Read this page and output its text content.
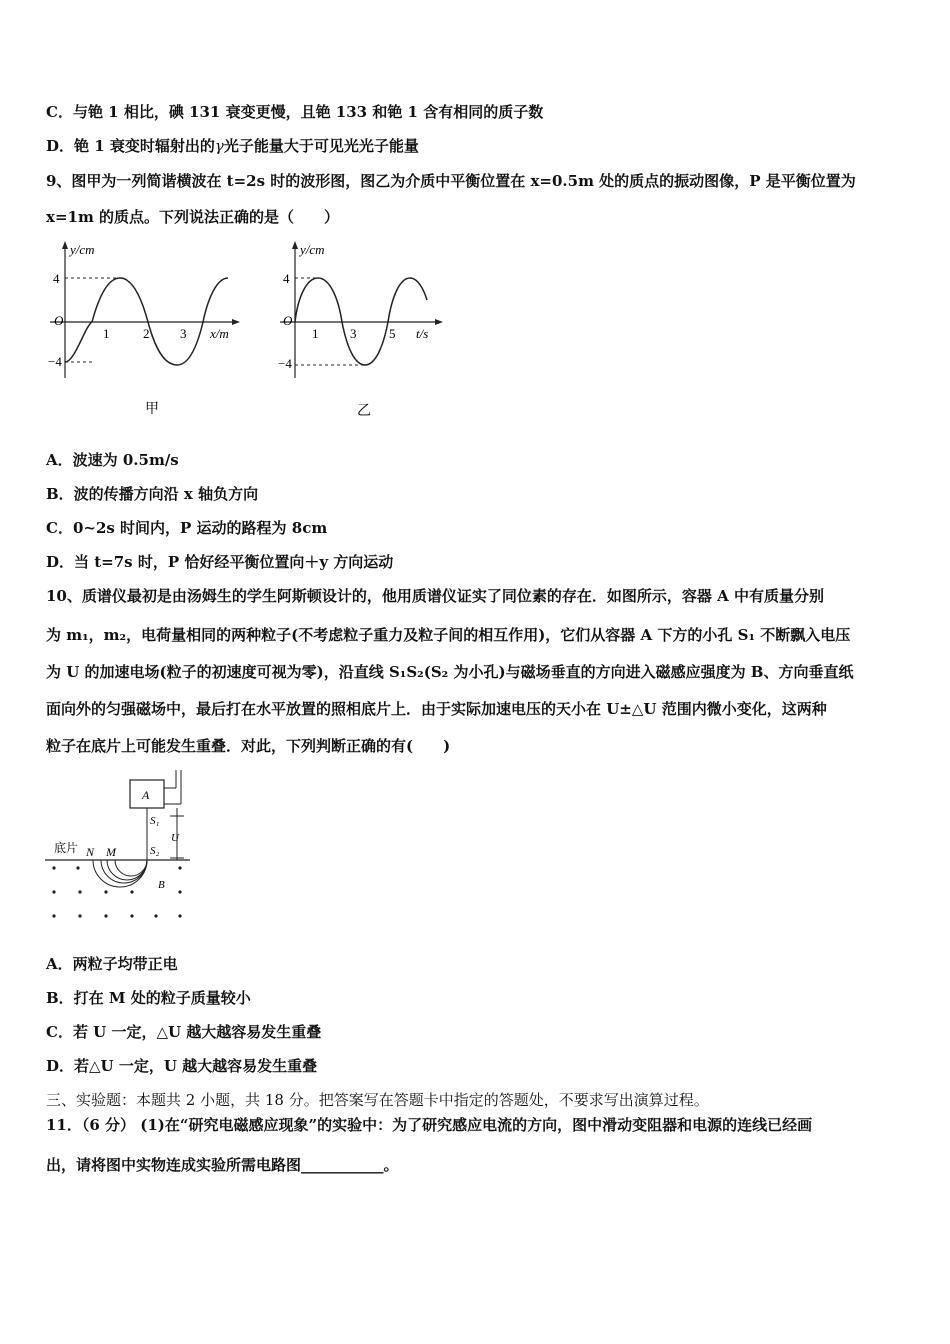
C．与铯 1 相比，碘 131 衰变更慢，且铯 133 和铯 1 含有相同的质子数
D．铯 1 衰变时辐射出的γ光子能量大于可见光光子能量
9、图甲为一列简谐横波在 t=2s 时的波形图，图乙为介质中平衡位置在 x=0.5m 处的质点的振动图像，P 是平衡位置为
x=1m 的质点。下列说法正确的是（　　）
y/cm
4
−4
O
1	2 3 x/m
甲
y/cm
4
−4
O
1 3	5 t/s
乙
A．波速为 0.5m/s
B．波的传播方向沿 x 轴负方向
C．0~2s 时间内，P 运动的路程为 8cm
D．当 t=7s 时，P 恰好经平衡位置向＋y 方向运动
10、质谱仪最初是由汤姆生的学生阿斯顿设计的，他用质谱仪证实了同位素的存在．如图所示，容器 A 中有质量分别
为 m₁，m₂，电荷量相同的两种粒子(不考虑粒子重力及粒子间的相互作用)，它们从容器 A 下方的小孔 S₁ 不断飘入电压
为 U 的加速电场(粒子的初速度可视为零)，沿直线 S₁S₂(S₂ 为小孔)与磁场垂直的方向进入磁感应强度为 B、方向垂直纸
面向外的匀强磁场中，最后打在水平放置的照相底片上．由于实际加速电压的天小在 U±△U 范围内微小变化，这两种
粒子在底片上可能发生重叠．对此，下列判断正确的有(　　)
A
S₁
U
S₂
底片 N M
B
A．两粒子均带正电
B．打在 M 处的粒子质量较小
C．若 U 一定，△U 越大越容易发生重叠
D．若△U 一定，U 越大越容易发生重叠
三、实验题：本题共 2 小题，共 18 分。把答案写在答题卡中指定的答题处，不要求写出演算过程。
11．（6 分） (1)在“研究电磁感应现象”的实验中：为了研究感应电流的方向，图中滑动变阻器和电源的连线已经画
出，请将图中实物连成实验所需电路图___________。
